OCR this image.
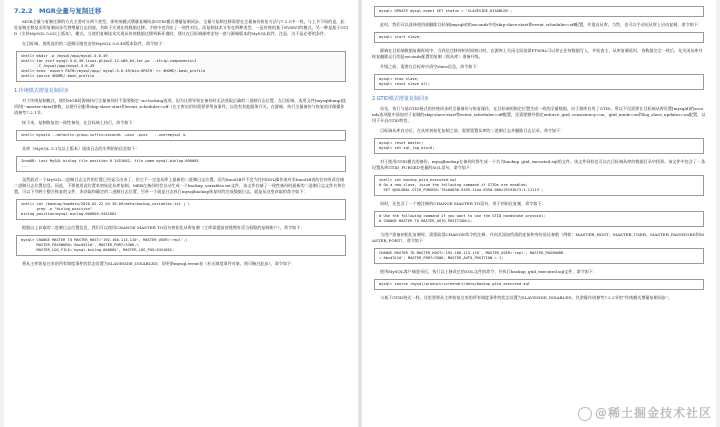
7.2.2　MGR全量与复制迁移

MGR全量与复制迁移的方式主要对分两个类型，即传统模式增量复制同步GTID模式增量复制同步。全量与复制迁移需要在全量备份恢复方法与7.2.1中一致，与上节不同的是，此处复制迁移是采用复制同步代替增量日志回放，有助于实现在线数据迁移。手册中也列出了一致性对比。而复制技术又有在两种类型，一是传统的基于EVENT的模式，另一种是基于GTID（支持MySQL 5.6以上版本），模式。当使用复制技术实现从传统数据迁移到新环境时，建议在目标端源库安装一套与源端版本的MySQL软件，注意，这不是必要的条件。

在目标端，使用选用的二进制压缩包安装MySQL 5.6.49版本软件，命令如下：

shell> mkdir -p /mysql/app/mysql-5.6.49
shell> tar xzvf mysql-5.6.49-linux-glibc2.12-x86_64.tar.gz --strip-components=1
-C /mysql/app/mysql-5.6.49
shell> echo 'export PATH=/mysql/app/ mysql-5.6.49/bin:$PATH' >> $HOME/.bash_profile
shell> source $HOME/.bash_profile
1.传统模式增量复制同步

对于传统复制模式，使用MGR时源端执行全量备份时不需要指定--no-locking选项。因为这将导致在备份时无法获取正确的二进制日志位置。在目标端，选用文件[mysqldump]选项时[--master-data]参数，以便开启服务skip-slave-start和event_scheduler=off（在主库启用时需要停用该事件，以免有其他服务开关，在源端，执行全量备份与恢复的详细操作请参考7.2.1节。

接下来，复制恢复的一致性备份，在目标端上执行，命令如下：

shell> mysqld --defaults-group-suffix=seconds -uxxx -pxxx   --useremysql &

从库（MySQL 5.1及以上版本）请读日志的实例的始信息如下：

InnoDB: Last MySQL binlog file position 0 3451662, file name mysql-binlog.000005
...

虽然最近一个MySQL二进制日志文件的位置已经显示出来了，但它不一定是从库上最新的二进制日志位置。因为InnoDB并不会为任何DDL操作或对非InnoDB表的任何更改存储二进制日志位置信息。因此，不要使用此位置来初始化从库复制。MEB在备份时会自动生成一个backup_variables.txt文件，该文件存储了一致性备份时最新的二进制日志文件名和位置，可以下列两个整合恢复的文件，来获取和确定的二进制日志位置，另外一个就是日志执行mysqlbackup恢复时的完成数据日志，就是从这里获取的命令如下：

shell> cat /backup/tmpdata/2020-02-22_04-39-09/meta/backup_variables.txt | \
grep -e "binlog_position"
binlog_position=mysql-binlog.000005:3451662

根据以上获取的二进制日志位置信息，我们可以使用CHANGE MASTER TO语句初始化从库复制（主库需提前创建拥有适当权限的复制账户），命令如下：

mysql> CHANGE MASTER TO MASTER_HOST='192.168.113.110', MASTER_USER='repl',\
MASTER_PASSWORD='Abcd321#', MASTER_PORT=3306,\
MASTER_LOG_FILE='mysql-binlog.000005', MASTER_LOG_POS=3451662;

将从主库恢复过来的所有调度事件的状态设置为SLAVESIDE_DISABLED，即更新mysql.event表（若无调度事件对象，则可略过此步），命令如下：

mysql> UPDATE mysql.event SET status = 'SLAVESIDE_DISABLED';

此时，我们可以选择使用或删除目标端[mysqld]的seconds中的skip-slave-start和event_scheduler=off配置，并重启从库。当然，也可以手动启从库上启动复制，命令如下：

mysql> start slave;

源端在目标端数据复制时间中，当到达迁移停机时间窗口时，在源库上关闭全局读锁FTWRL可以停止任何数据写入，并检查主、从库复制延时，待数据完全一致后，先关闭从库并恢复删除运行的是seconds配置的复制（即从库）准备升级。

升级之前，需要在目标库中清空slave信息，命令如下：

mysql> stop slave;
mysql> reset slave all;
2.GTID模式增量复制同步

首先，执行与基GTID格式的传统同步的全量备份与恢复操作，在目标端的指定位置生成一致的全量数据。由于源库启用了GTID，所以不仅需要在目标端从库设置[mysqld]的seconds选项组中添加对于复制的skip-slave-start和event_scheduler=off配置，还需要额外指定enforce_gtid_consistency=on、gtid_mode=on和log_slave_updates=on配置，以用于开启GTID特性。

目标端从库启动后，在从库初始化复制之前，需要重置从库的二进制日志并删除日志记录，命令如下：

mysql> reset master;
mysql> set sql_log_bin=0;

对于使用GTID模式的备份，mysqlbackup在备份时将生成一个名为backup_gtid_executed.sql的文件，该文件同样也可以在目标端从库的数据目录中找到。该文件中包含了一条设置从库GTID_PURGED变量的SQL语句，命令如下：

shell> cat backup_gtid_executed.sql
# On a new slave, issue the following command if GTIDs are enabled:
SET @@GLOBAL.GTID_PURGED='76c0d83b-5495-11ea-835d-000c29193b73:1-11113';

同时，还包含了一个被注释的CHANGE MASTER TO语句，用于初始化复制，命令如下：

# Use the following command if you want to use the GTID handshake protocol:
# CHANGE MASTER TO MASTER_AUTO_POSITION=1;

当用户准备初始化复制时，需要取消CHANGE命令的注释，并向其添加所需的连接和身份验证参数（例如：MASTER_HOST、MASTER_USER、MASTER_PASSWORD和MASTER_PORT），命令如下：

CHANGE MASTER TO MASTER_HOST='192.168.113.110', MASTER_USER='repl', MASTER_PASSWORD
='Abcd321#', MASTER_PORT=3306, MASTER_AUTO_POSITION = 1;

使用MySQL客户端登录后，执行以上修改过的SQL文件的命令，并执行backup_gtid_executed.sql文件，命令如下：

mysql> source /mysql/product/screendrt/data/backup_gtid_executed.sql

与基于GTID格式一样，这里要将从主库恢复过来的所有调度事件的状态设置为SLAVESIDE_DISABLED，其余操作请参考7.2.2节的“传统模式增量复制同步”。

@稀土掘金技术社区
